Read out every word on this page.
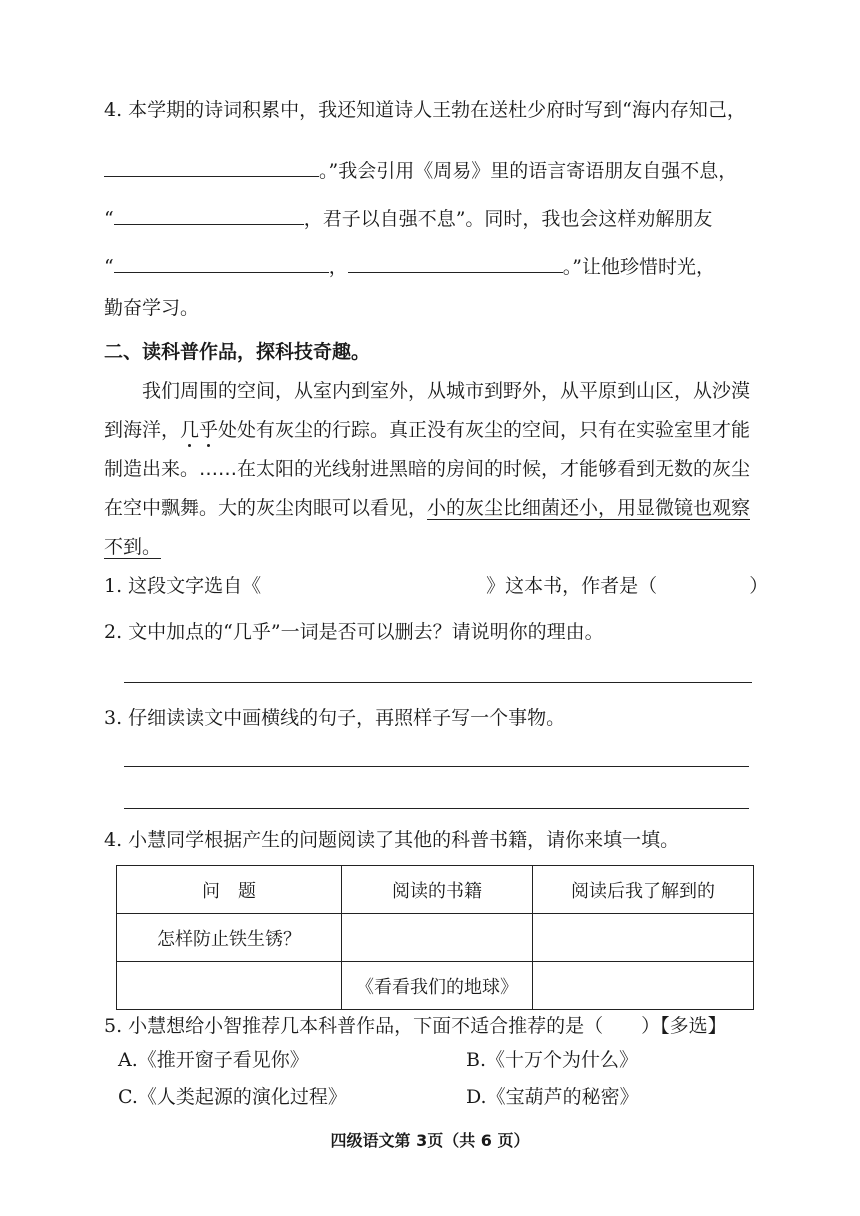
4. 本学期的诗词积累中，我还知道诗人王勃在送杜少府时写到“海内存知己，
。”我会引用《周易》里的语言寄语朋友自强不息，
“	，君子以自强不息”。同时，我也会这样劝解朋友
“	，	。”让他珍惜时光，
勤奋学习。
二、读科普作品，探科技奇趣。

我们周围的空间，从室内到室外，从城市到野外，从平原到山区，从沙漠到海洋，几乎处处有灰尘的行踪。真正没有灰尘的空间，只有在实验室里才能制造出来。……在太阳的光线射进黑暗的房间的时候，才能够看到无数的灰尘在空中飘舞。大的灰尘肉眼可以看见，小的灰尘比细菌还小，用显微镜也观察不到。

1. 这段文字选自《	》这本书，作者是（	）
2. 文中加点的“几乎”一词是否可以删去？请说明你的理由。
3. 仔细读读文中画横线的句子，再照样子写一个事物。
4. 小慧同学根据产生的问题阅读了其他的科普书籍，请你来填一填。
问　题	阅读的书籍	阅读后我了解到的
怎样防止铁生锈？		
	《看看我们的地球》	
5. 小慧想给小智推荐几本科普作品，下面不适合推荐的是（　　）【多选】
A.《推开窗子看见你》	B.《十万个为什么》
C.《人类起源的演化过程》	D.《宝葫芦的秘密》
四级语文第 3页（共 6 页）
